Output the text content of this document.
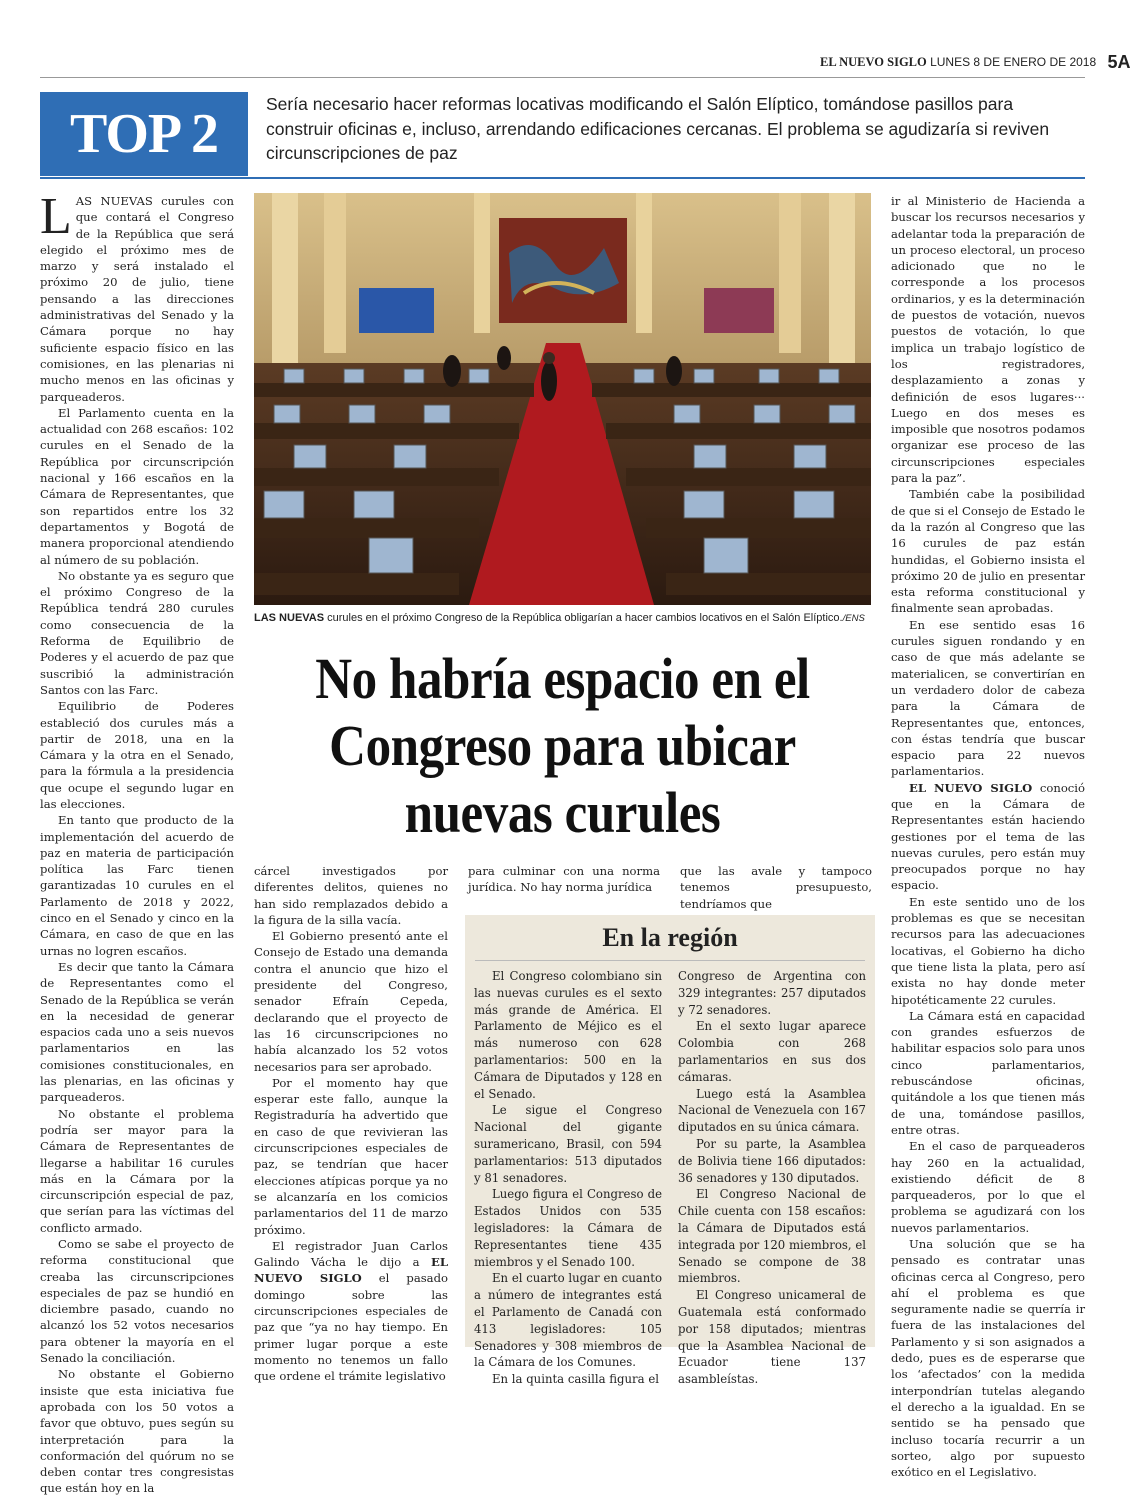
EL NUEVO SIGLO LUNES 8 DE ENERO DE 2018 5A
TOP 2	Sería necesario hacer reformas locativas modificando el Salón Elíptico, tomándose pasillos para construir oficinas e, incluso, arrendando edificaciones cercanas. El problema se agudizaría si reviven circunscripciones de paz

LAS NUEVAS curules con que contará el Congreso de la República que será elegido el próximo mes de marzo y será instalado el próximo 20 de julio, tiene pensando a las direcciones administrativas del Senado y la Cámara porque no hay suficiente espacio físico en las comisiones, en las plenarias ni mucho menos en las oficinas y parqueaderos.

El Parlamento cuenta en la actualidad con 268 escaños: 102 curules en el Senado de la República por circunscripción nacional y 166 escaños en la Cámara de Representantes, que son repartidos entre los 32 departamentos y Bogotá de manera proporcional atendiendo al número de su población.

No obstante ya es seguro que el próximo Congreso de la República tendrá 280 curules como consecuencia de la Reforma de Equilibrio de Poderes y el acuerdo de paz que suscribió la administración Santos con las Farc.

Equilibrio de Poderes estableció dos curules más a partir de 2018, una en la Cámara y la otra en el Senado, para la fórmula a la presidencia que ocupe el segundo lugar en las elecciones.

En tanto que producto de la implementación del acuerdo de paz en materia de participación política las Farc tienen garantizadas 10 curules en el Parlamento de 2018 y 2022, cinco en el Senado y cinco en la Cámara, en caso de que en las urnas no logren escaños.

Es decir que tanto la Cámara de Representantes como el Senado de la República se verán en la necesidad de generar espacios cada uno a seis nuevos parlamentarios en las comisiones constitucionales, en las plenarias, en las oficinas y parqueaderos.

No obstante el problema podría ser mayor para la Cámara de Representantes de llegarse a habilitar 16 curules más en la Cámara por la circunscripción especial de paz, que serían para las víctimas del conflicto armado.

Como se sabe el proyecto de reforma constitucional que creaba las circunscripciones especiales de paz se hundió en diciembre pasado, cuando no alcanzó los 52 votos necesarios para obtener la mayoría en el Senado la conciliación.

No obstante el Gobierno insiste que esta iniciativa fue aprobada con los 50 votos a favor que obtuvo, pues según su interpretación para la conformación del quórum no se deben contar tres congresistas que están hoy en la

LAS NUEVAS curules en el próximo Congreso de la República obligarían a hacer cambios locativos en el Salón Elíptico./ENS
No habría espacio en el Congreso para ubicar nuevas curules

cárcel investigados por diferentes delitos, quienes no han sido remplazados debido a la figura de la silla vacía.

El Gobierno presentó ante el Consejo de Estado una demanda contra el anuncio que hizo el presidente del Congreso, senador Efraín Cepeda, declarando que el proyecto de las 16 circunscripciones no había alcanzado los 52 votos necesarios para ser aprobado.

Por el momento hay que esperar este fallo, aunque la Registraduría ha advertido que en caso de que revivieran las circunscripciones especiales de paz, se tendrían que hacer elecciones atípicas porque ya no se alcanzaría en los comicios parlamentarios del 11 de marzo próximo.

El registrador Juan Carlos Galindo Vácha le dijo a EL NUEVO SIGLO el pasado domingo sobre las circunscripciones especiales de paz que “ya no hay tiempo. En primer lugar porque a este momento no tenemos un fallo que ordene el trámite legislativo

para culminar con una norma jurídica. No hay norma jurídica

que las avale y tampoco tenemos presupuesto, tendríamos que

En la región

El Congreso colombiano sin las nuevas curules es el sexto más grande de América. El Parlamento de Méjico es el más numeroso con 628 parlamentarios: 500 en la Cámara de Diputados y 128 en el Senado.

Le sigue el Congreso Nacional del gigante suramericano, Brasil, con 594 parlamentarios: 513 diputados y 81 senadores.

Luego figura el Congreso de Estados Unidos con 535 legisladores: la Cámara de Representantes tiene 435 miembros y el Senado 100.

En el cuarto lugar en cuanto a número de integrantes está el Parlamento de Canadá con 413 legisladores: 105 Senadores y 308 miembros de la Cámara de los Comunes.

En la quinta casilla figura el

Congreso de Argentina con 329 integrantes: 257 diputados y 72 senadores.

En el sexto lugar aparece Colombia con 268 parlamentarios en sus dos cámaras.

Luego está la Asamblea Nacional de Venezuela con 167 diputados en su única cámara.

Por su parte, la Asamblea de Bolivia tiene 166 diputados: 36 senadores y 130 diputados.

El Congreso Nacional de Chile cuenta con 158 escaños: la Cámara de Diputados está integrada por 120 miembros, el Senado se compone de 38 miembros.

El Congreso unicameral de Guatemala está conformado por 158 diputados; mientras que la Asamblea Nacional de Ecuador tiene 137 asambleístas.

ir al Ministerio de Hacienda a buscar los recursos necesarios y adelantar toda la preparación de un proceso electoral, un proceso adicionado que no le corresponde a los procesos ordinarios, y es la determinación de puestos de votación, nuevos puestos de votación, lo que implica un trabajo logístico de los registradores, desplazamiento a zonas y definición de esos lugares··· Luego en dos meses es imposible que nosotros podamos organizar ese proceso de las circunscripciones especiales para la paz”.

También cabe la posibilidad de que si el Consejo de Estado le da la razón al Congreso que las 16 curules de paz están hundidas, el Gobierno insista el próximo 20 de julio en presentar esta reforma constitucional y finalmente sean aprobadas.

En ese sentido esas 16 curules siguen rondando y en caso de que más adelante se materialicen, se convertirían en un verdadero dolor de cabeza para la Cámara de Representantes que, entonces, con éstas tendría que buscar espacio para 22 nuevos parlamentarios.

EL NUEVO SIGLO conoció que en la Cámara de Representantes están haciendo gestiones por el tema de las nuevas curules, pero están muy preocupados porque no hay espacio.

En este sentido uno de los problemas es que se necesitan recursos para las adecuaciones locativas, el Gobierno ha dicho que tiene lista la plata, pero así exista no hay donde meter hipotéticamente 22 curules.

La Cámara está en capacidad con grandes esfuerzos de habilitar espacios solo para unos cinco parlamentarios, rebuscándose oficinas, quitándole a los que tienen más de una, tomándose pasillos, entre otras.

En el caso de parqueaderos hay 260 en la actualidad, existiendo déficit de 8 parqueaderos, por lo que el problema se agudizará con los nuevos parlamentarios.

Una solución que se ha pensado es contratar unas oficinas cerca al Congreso, pero ahí el problema es que seguramente nadie se querría ir fuera de las instalaciones del Parlamento y si son asignados a dedo, pues es de esperarse que los ‘afectados’ con la medida interpondrían tutelas alegando el derecho a la igualdad. En se sentido se ha pensado que incluso tocaría recurrir a un sorteo, algo por supuesto exótico en el Legislativo.
